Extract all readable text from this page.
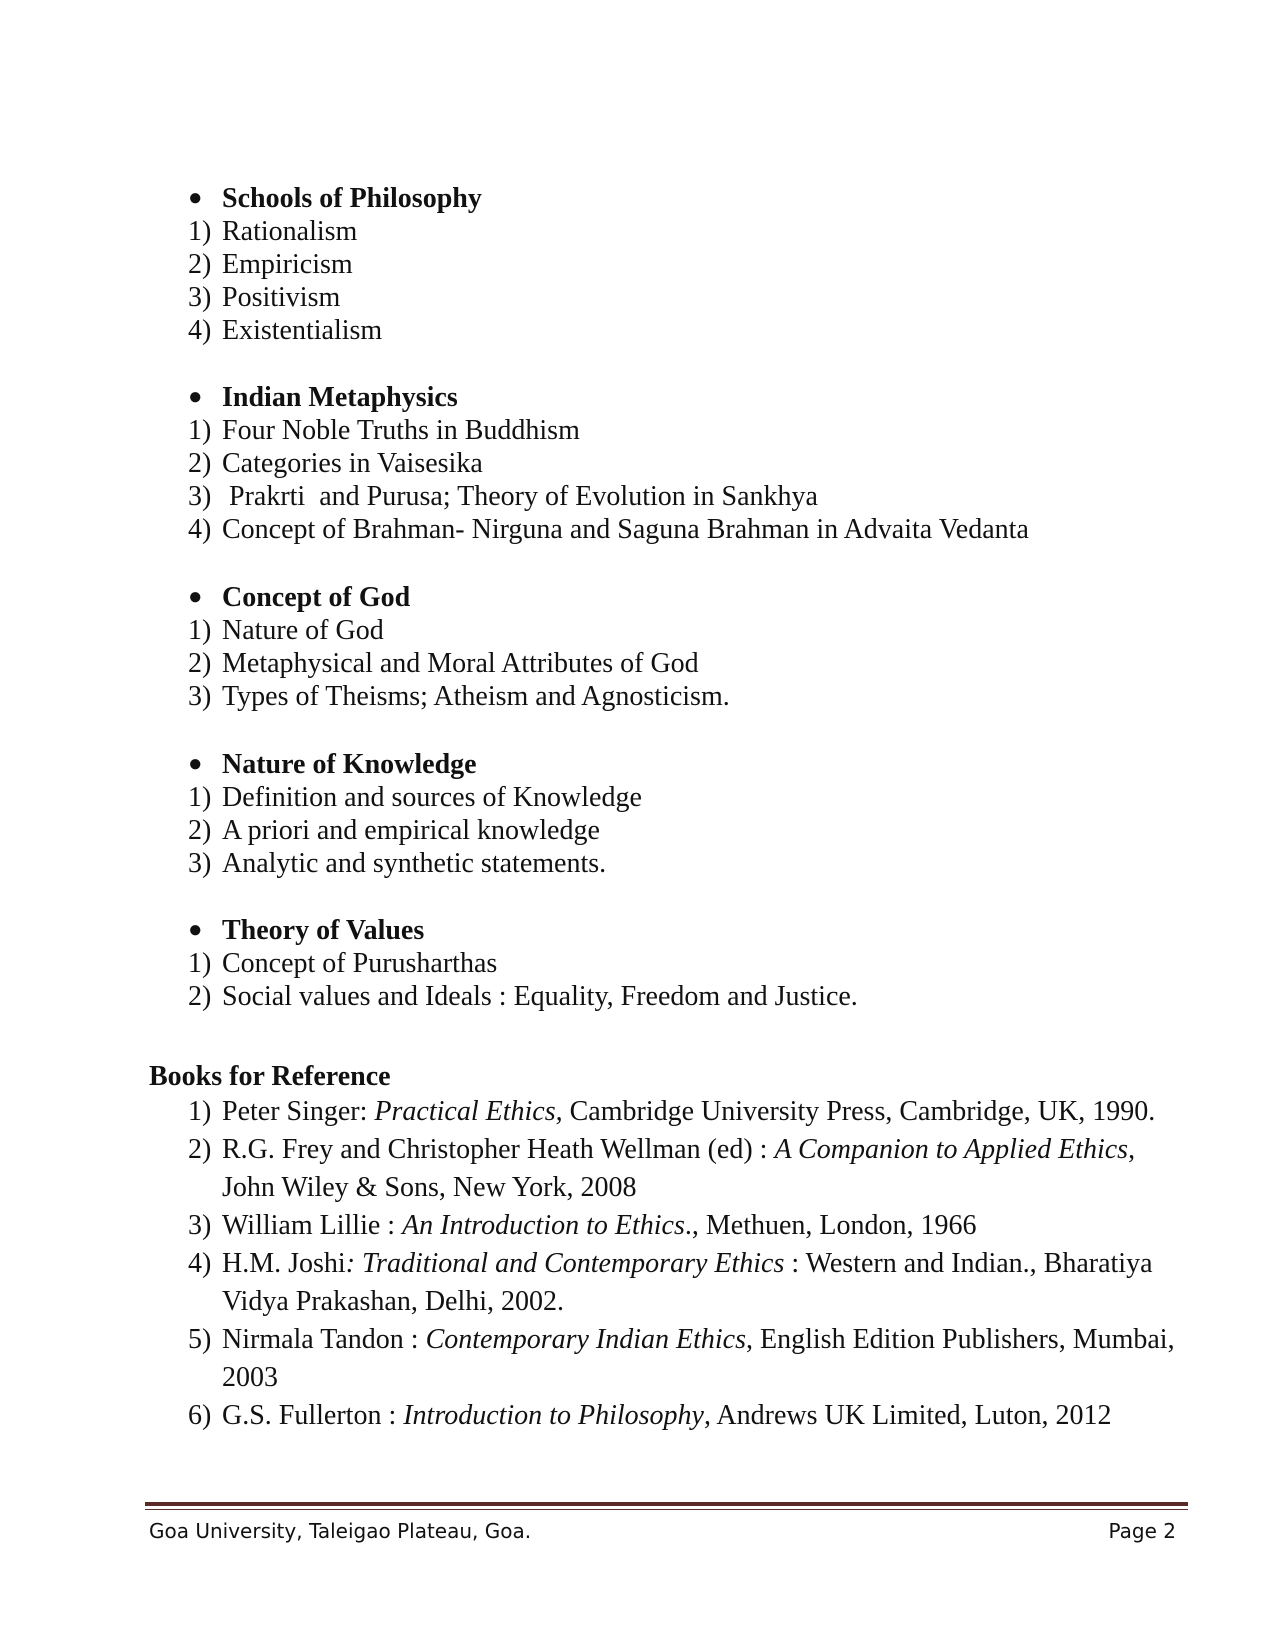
● Schools of Philosophy
1) Rationalism
2) Empiricism
3) Positivism
4) Existentialism
● Indian Metaphysics
1) Four Noble Truths in Buddhism
2) Categories in Vaisesika
3) Prakrti  and Purusa; Theory of Evolution in Sankhya
4) Concept of Brahman- Nirguna and Saguna Brahman in Advaita Vedanta
● Concept of God
1) Nature of God
2) Metaphysical and Moral Attributes of God
3) Types of Theisms; Atheism and Agnosticism.
● Nature of Knowledge
1) Definition and sources of Knowledge
2) A priori and empirical knowledge
3) Analytic and synthetic statements.
● Theory of Values
1) Concept of Purusharthas
2) Social values and Ideals : Equality, Freedom and Justice.
Books for Reference
1) Peter Singer: Practical Ethics, Cambridge University Press, Cambridge, UK, 1990.
2) R.G. Frey and Christopher Heath Wellman (ed) : A Companion to Applied Ethics, John Wiley & Sons, New York, 2008
3) William Lillie : An Introduction to Ethics., Methuen, London, 1966
4) H.M. Joshi: Traditional and Contemporary Ethics : Western and Indian., Bharatiya Vidya Prakashan, Delhi, 2002.
5) Nirmala Tandon : Contemporary Indian Ethics, English Edition Publishers, Mumbai, 2003
6) G.S. Fullerton : Introduction to Philosophy, Andrews UK Limited, Luton, 2012
Goa University, Taleigao Plateau, Goa.	Page 2
